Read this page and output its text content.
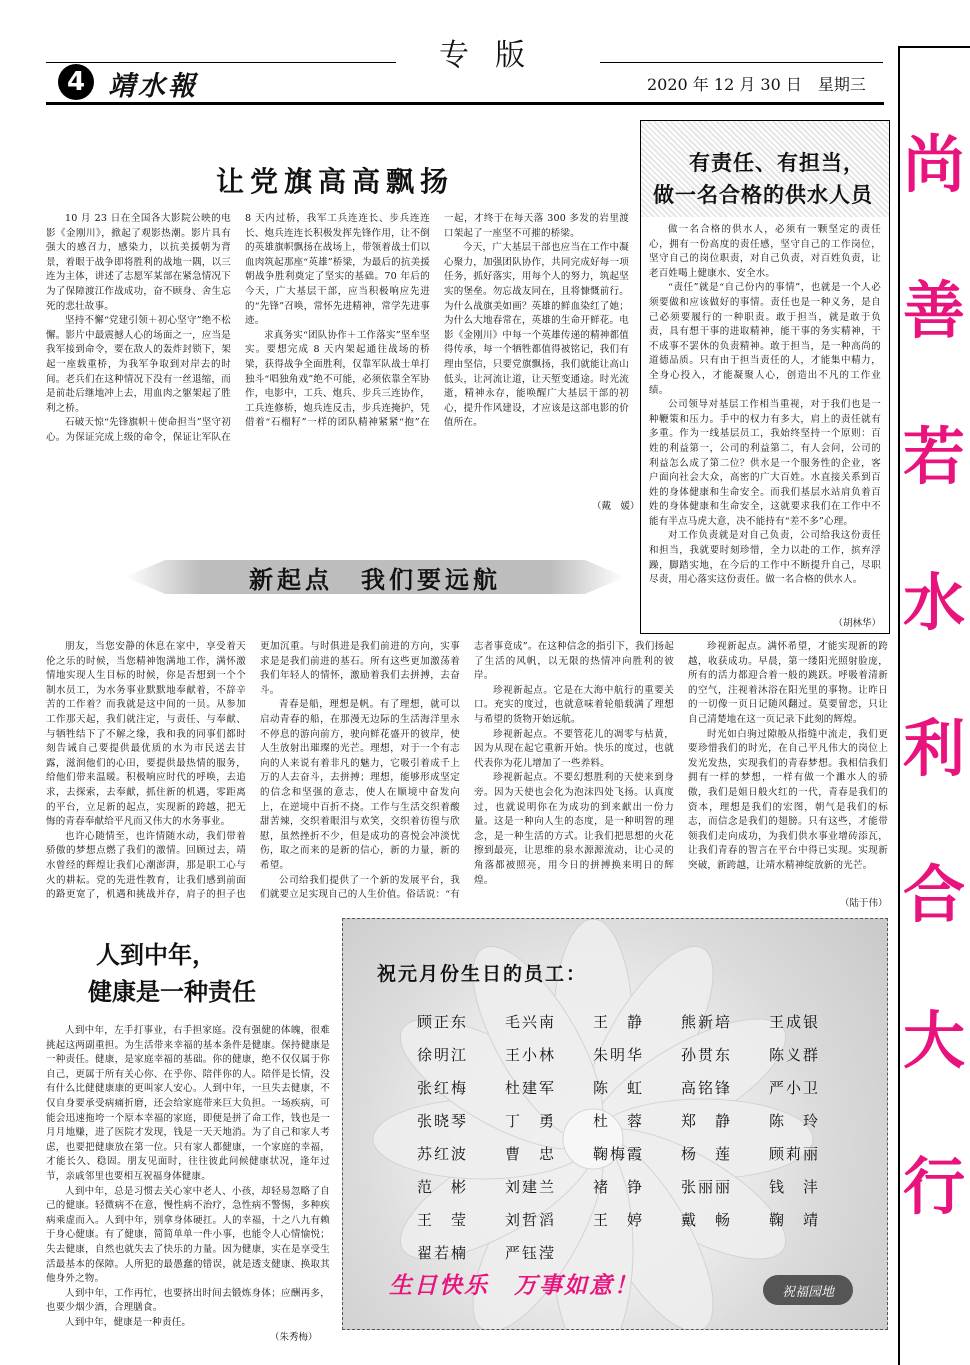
专版
4 靖水報	2020 年 12 月 30 日　星期三
尚
善
若
水
利
合
大
行
让党旗高高飘扬

10 月 23 日在全国各大影院公映的电影《金刚川》，掀起了观影热潮。影片具有强大的感召力，感染力，以抗美援朝为背景，着眼于战争即将胜利的战地一隅，以三连为主体，讲述了志愿军某部在紧急情况下为了保障渡江作战成功，奋不顾身、舍生忘死的悲壮故事。

坚持不懈“党建引领＋初心坚守”绝不松懈。影片中最震撼人心的场面之一，应当是我军接到命令，要在敌人的轰炸封锁下，架起一座载重桥，为我军争取到对岸去的时间。老兵们在这种情况下没有一丝退缩，而是前赴后继地冲上去，用血肉之躯架起了胜利之桥。

石破天惊“先锋旗帜＋使命担当”坚守初心。为保证完成上级的命令，保证让军队在 8 天内过桥，我军工兵连连长、步兵连连长、炮兵连连长积极发挥先锋作用，让不倒的英雄旗帜飘扬在战场上，带领着战士们以血肉筑起那座“英雄”桥梁，为最后的抗美援朝战争胜利奠定了坚实的基础。70 年后的今天，广大基层干部，应当积极响应先进的“先锋”召唤，常怀先进精神，常学先进事迹。

求真务实“团队协作＋工作落实”坚牟坚实。要想完成 8 天内架起通往战场的桥梁，获得战争全面胜利，仅靠军队战士单打独斗“唱独角戏”绝不可能，必须依靠全军协作，电影中，工兵、炮兵、步兵三连协作，工兵连修桥，炮兵连反击，步兵连掩护，凭借着“石榴籽”一样的团队精神紧紧“抱”在一起，才终于在每天落 300 多发的岩里渡口架起了一座坚不可摧的桥梁。

今天，广大基层干部也应当在工作中凝心聚力，加强团队协作，共同完成好每一项任务，抓好落实，用每个人的努力，筑起坚实的堡垒。勿忘战友同在，且将慷慨前行。为什么战旗美如画？英雄的鲜血染红了她；为什么大地春常在，英雄的生命开鲜花。电影《金刚川》中每一个英雄传递的精神都值得传承，每一个牺牲都值得被铭记，我们有理由坚信，只要党旗飘扬，我们就能让高山低头，让河流让道，让天堑变通途。时光流逝，精神永存，能唤醒广大基层干部的初心，提升作风建设，才应该是这部电影的价值所在。

（戴　媛）
有责任、有担当，
做一名合格的供水人员

做一名合格的供水人，必须有一颗坚定的责任心，拥有一份高度的责任感，坚守自己的工作岗位，坚守自己的岗位职责，对自己负责，对百姓负责，让老百姓喝上健康水、安全水。

“责任”就是“自己份内的事情”，也就是一个人必须要做和应该做好的事情。责任也是一种义务，是自己必须要履行的一种职责。敢于担当，就是敢于负责，具有想干事的进取精神，能干事的务实精神，干不成事不罢休的负责精神。敢于担当，是一种高尚的道德品质。只有由于担当责任的人，才能集中精力，全身心投入，才能凝聚人心，创造出不凡的工作业绩。

公司领导对基层工作相当重视，对于我们也是一种鞭策和压力。手中的权力有多大，肩上的责任就有多重。作为一线基层员工，我始终坚持一个原则：百姓的利益第一，公司的利益第二，有人会问，公司的利益怎么成了第二位？供水是一个服务性的企业，客户面向社会大众，高密的广大百姓。水直接关系到百姓的身体健康和生命安全。而我们基层水站肩负着百姓的身体健康和生命安全，这就要求我们在工作中不能有半点马虎大意，决不能持有“差不多”心理。

对工作负责就是对自己负责，公司给我这份责任和担当，我就要时刻珍惜，全力以赴的工作，摈弃浮躁，脚踏实地，在今后的工作中不断提升自己，尽职尽责，用心落实这份责任。做一名合格的供水人。

（胡林华）
新起点　我们要远航

朋友，当您安静的休息在家中，享受着天伦之乐的时候，当您精神饱满地工作，满怀激情地实现人生目标的时候，你是否想到一个个制水员工，为水务事业默默地奉献着，不辞辛苦的工作着？而我就是这中间的一员。从参加工作那天起，我们就注定，与责任、与奉献、与牺牲结下了不解之缘，我和我的同事们都时刻告诫自己要提供最优质的水为市民送去甘露，滋润他们的心田，要提供最热情的服务，给他们带来温暖。积极响应时代的呼唤，去追求，去探索，去奉献，抓住新的机遇，零距离的平台，立足新的起点，实现新的跨越，把无悔的青春奉献给平凡而又伟大的水务事业。

也许心随情至，也许情随水动，我们带着骄傲的梦想点燃了我们的激情。回顾过去，靖水曾经的辉煌让我们心潮澎湃，那是职工心与火的耕耘。党的先进性教育，让我们感到前面的路更宽了，机遇和挑战并存，肩子的担子也更加沉重。与时俱进是我们前进的方向，实事求是是我们前进的基石。所有这些更加激荡着我们年轻人的情怀，激励着我们去拼搏，去奋斗。

青春是船，理想是帆。有了理想，就可以启动青春的船，在那漫无边际的生活海洋里永不停息的游向前方，驶向鲜花盛开的彼岸，使人生放射出璀璨的光芒。理想，对于一个有志向的人来说有着非凡的魅力，它吸引着成千上万的人去奋斗，去拼搏；理想，能够形成坚定的信念和坚强的意志，使人在顺境中奋发向上，在逆境中百折不挠。工作与生活交织着酸甜苦辣，交织着眼泪与欢笑，交织着彷徨与欣慰，虽然挫折不少，但是成功的喜悦会冲淡忧伤，取之而来的是新的信心，新的力量，新的希望。

公司给我们提供了一个新的发展平台，我们就要立足实现自己的人生价值。俗话说：“有志者事竟成”。在这种信念的指引下，我们扬起了生活的风帆，以无限的热情冲向胜利的彼岸。

珍视新起点。它是在大海中航行的重要关口。充实的度过，也就意味着轮船载满了理想与希望的货物开始远航。

珍视新起点。不要管花儿的凋零与枯黄，因为从现在起它重新开始。快乐的度过，也就代表你为花儿增加了一些养料。

珍视新起点。不要幻想胜利的天使来到身旁。因为天使也会化为泡沫四处飞扬。认真度过，也就说明你在为成功的到来献出一份力量。这是一种向人生的态度，是一种明智的理念，是一种生活的方式。让我们把思想的火花擦到最亮，让思维的泉水源源流动，让心灵的角落都被照亮，用今日的拼搏换来明日的辉煌。

珍视新起点。满怀希望，才能实现新的跨越，收获成功。早晨，第一缕阳光照射脸庞，所有的活力都迎合着一般的跳跃。呼吸着清新的空气，注视着沐浴在阳光里的事物。让昨日的一切像一页日记随风翻过。莫要留恋，只让自己清楚地在这一页记录下此刻的辉煌。

时光如白驹过隙般从指缝中流走，我们更要珍惜我们的时光，在自己平凡伟大的岗位上发光发热，实现我们的青春梦想。我相信我们拥有一样的梦想，一样有做一个濉水人的骄傲，我们是姐日般火红的一代，青春是我们的资本，理想是我们的宏图，朝气是我们的标志，而信念是我们的翅膀。只有这些，才能带领我们走向成功，为我们供水事业增砖添瓦，让我们青春的智言在平台中得已实现。实现新突破，新跨越，让靖水精神绽放新的光芒。

（陆于伟）
人到中年，
健康是一种责任

人到中年，左手打事业，右手担家庭。没有强健的体魄，很难挑起这两副重担。为生活带来幸福的基本条件是健康。保持健康是一种责任。健康，是家庭幸福的基础。你的健康，绝不仅仅属于你自己，更属于所有关心你、在乎你、陪伴你的人。陪伴是长情，没有什么比健健康康的更叫家人安心。人到中年，一旦失去健康，不仅自身要承受病痛折磨，还会给家庭带来巨大负担。一场疾病，可能会迅速拖垮一个原本幸福的家庭，即便是拼了命工作，钱也是一月月地赚，进了医院才发现，钱是一天天地消。为了自己和家人考虑，也要把健康放在第一位。只有家人都健康，一个家庭的幸福，才能长久、稳固。朋友见面时，往往彼此问候健康状况，逢年过节，亲戚邻里也要相互祝福身体健康。

人到中年，总是习惯去关心家中老人、小孩，却轻易忽略了自己的健康。轻微病不在意，慢性病不治疗，急性病不警惕，多种疾病乘虚而入。人到中年，别拿身体硬扛。人的幸福，十之八九有赖于身心健康。有了健康，简简单单一件小事，也能令人心情愉悦；失去健康，自然也就失去了快乐的力量。因为健康，实在是享受生活最基本的保障。人所犯的最愚蠢的错误，就是透支健康、换取其他身外之物。

人到中年，工作再忙，也要挤出时间去锻炼身体；应酬再多，也要少烟少酒，合理膳食。

人到中年，健康是一种责任。

（朱秀梅）
祝元月份生日的员工：
顾正东 毛兴南 王　静 熊新培 王成银
徐明江 王小林 朱明华 孙贯东 陈义群
张红梅 杜建军 陈　虹 高铭锋 严小卫
张晓琴 丁　勇 杜　蓉 郑　静 陈　玲
苏红波 曹　忠 鞠梅霞 杨　莲 顾莉丽
范　彬 刘建兰 褚　铮 张丽丽 钱　沣
王　莹 刘哲滔 王　婷 戴　畅 鞠　靖
翟若楠 严钰滢
生日快乐　万事如意！	祝福园地
